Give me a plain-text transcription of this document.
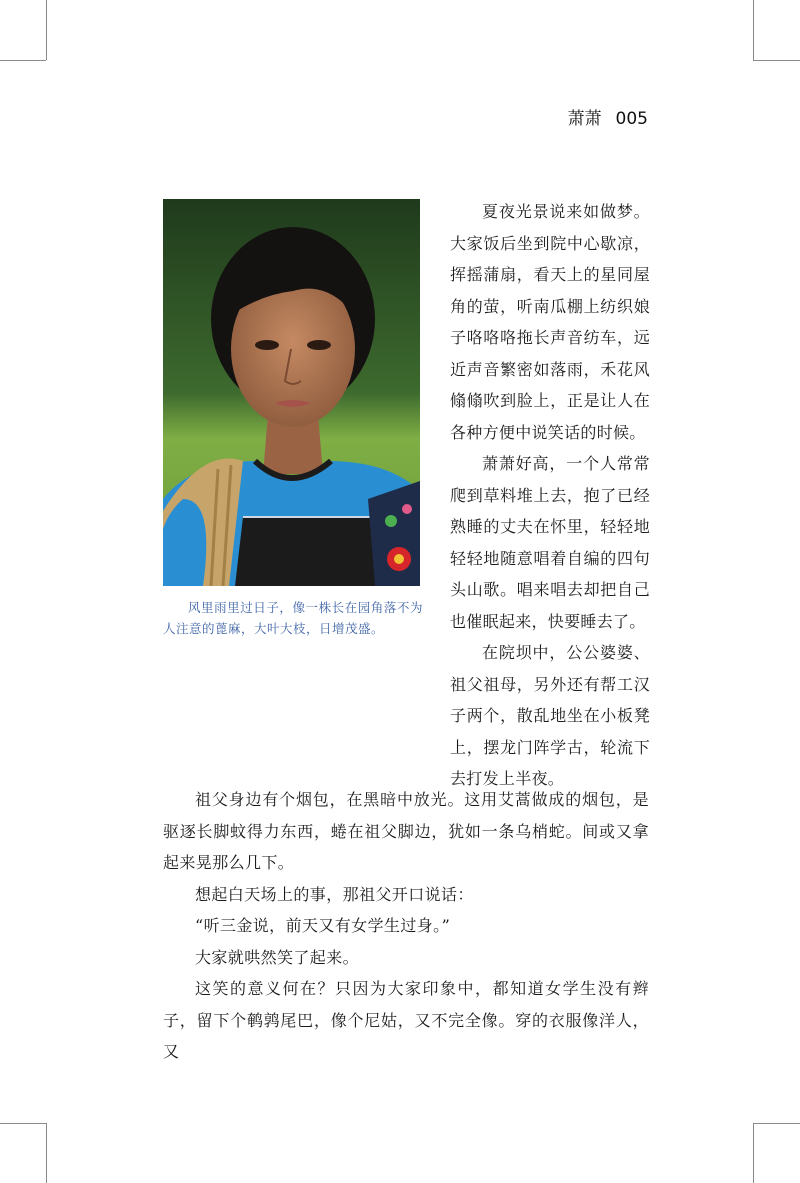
萧萧 005
风里雨里过日子，像一株长在园角落不为人注意的蓖麻，大叶大枝，日增茂盛。

夏夜光景说来如做梦。大家饭后坐到院中心歇凉，挥摇蒲扇，看天上的星同屋角的萤，听南瓜棚上纺织娘子咯咯咯拖长声音纺车，远近声音繁密如落雨，禾花风翛翛吹到脸上，正是让人在各种方便中说笑话的时候。

萧萧好高，一个人常常爬到草料堆上去，抱了已经熟睡的丈夫在怀里，轻轻地轻轻地随意唱着自编的四句头山歌。唱来唱去却把自己也催眠起来，快要睡去了。

在院坝中，公公婆婆、祖父祖母，另外还有帮工汉子两个，散乱地坐在小板凳上，摆龙门阵学古，轮流下去打发上半夜。

祖父身边有个烟包，在黑暗中放光。这用艾蒿做成的烟包，是驱逐长脚蚊得力东西，蜷在祖父脚边，犹如一条乌梢蛇。间或又拿起来晃那么几下。

想起白天场上的事，那祖父开口说话：

“听三金说，前天又有女学生过身。”

大家就哄然笑了起来。

这笑的意义何在？只因为大家印象中，都知道女学生没有辫子，留下个鹌鹑尾巴，像个尼姑，又不完全像。穿的衣服像洋人，又
